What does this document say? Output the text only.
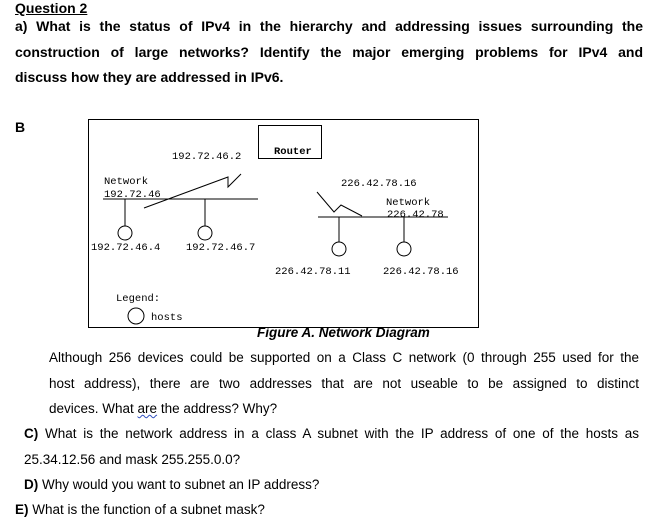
Question 2
a) What is the status of IPv4 in the hierarchy and addressing issues surrounding the
construction of large networks? Identify the major emerging problems for IPv4 and
discuss how they are addressed in IPv6.
B
Router
192.72.46.2
226.42.78.16
Network
192.72.46
Network
226.42.78
192.72.46.4 192.72.46.7
226.42.78.11	226.42.78.16
Legend:
hosts
Figure A. Network Diagram
Although 256 devices could be supported on a Class C network (0 through 255 used for the
host address), there are two addresses that are not useable to be assigned to distinct
devices. What are the address? Why?
C) What is the network address in a class A subnet with the IP address of one of the hosts as
25.34.12.56 and mask 255.255.0.0?
D) Why would you want to subnet an IP address?
E) What is the function of a subnet mask?
